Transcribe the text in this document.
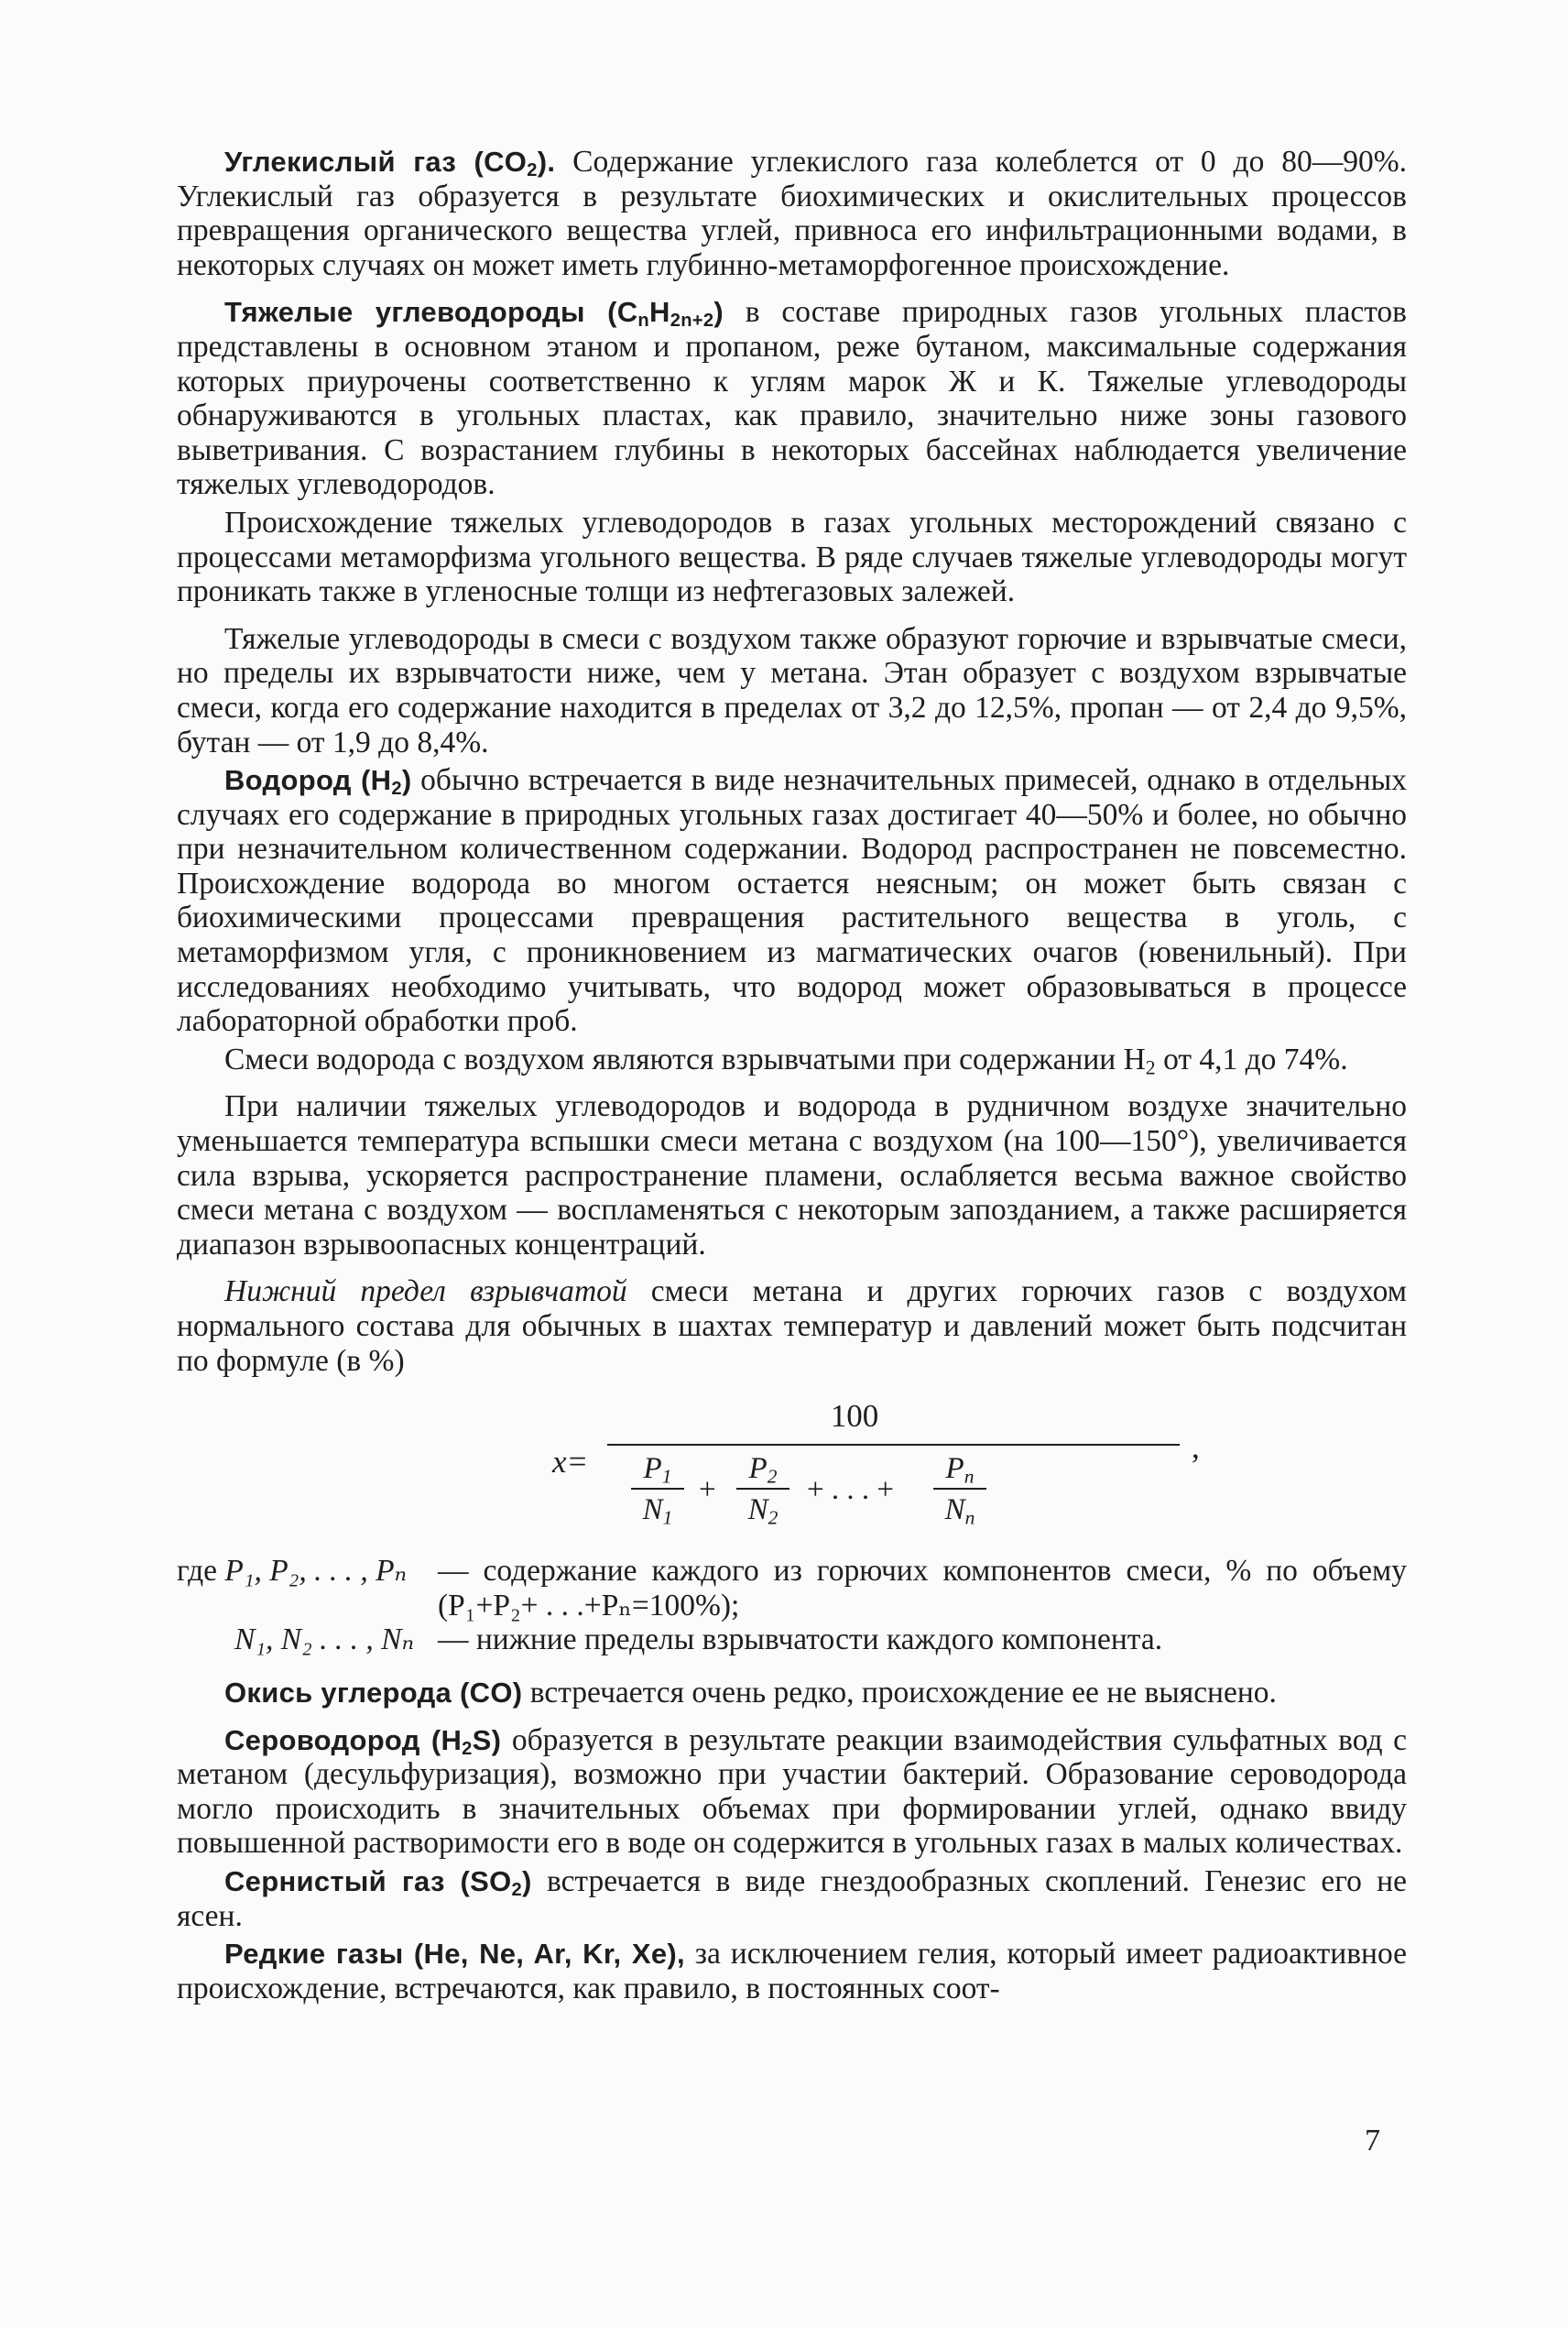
Углекислый газ $(CO_2)$. Содержание углекислого газа колеблется от 0 до 80—90%. Углекислый газ образуется в результате биохимических и окислительных процессов превращения органического вещества углей, привноса его инфильтрационными водами, в некоторых случаях он может иметь глубинно-метаморфогенное происхождение.

Тяжелые углеводороды $(C_nH_{2n+2})$ в составе природных газов угольных пластов представлены в основном этаном и пропаном, реже бутаном, максимальные содержания которых приурочены соответственно к углям марок Ж и К. Тяжелые углеводороды обнаруживаются в угольных пластах, как правило, значительно ниже зоны газового выветривания. С возрастанием глубины в некоторых бассейнах наблюдается увеличение тяжелых углеводородов.

Происхождение тяжелых углеводородов в газах угольных месторождений связано с процессами метаморфизма угольного вещества. В ряде случаев тяжелые углеводороды могут проникать также в угленосные толщи из нефтегазовых залежей.

Тяжелые углеводороды в смеси с воздухом также образуют горючие и взрывчатые смеси, но пределы их взрывчатости ниже, чем у метана. Этан образует с воздухом взрывчатые смеси, когда его содержание находится в пределах от 3,2 до 12,5%, пропан — от 2,4 до 9,5%, бутан — от 1,9 до 8,4%.

Водород $(H_2)$ обычно встречается в виде незначительных примесей, однако в отдельных случаях его содержание в природных угольных газах достигает 40—50% и более, но обычно при незначительном количественном содержании. Водород распространен не повсеместно. Происхождение водорода во многом остается неясным; он может быть связан с биохимическими процессами превращения растительного вещества в уголь, с метаморфизмом угля, с проникновением из магматических очагов (ювенильный). При исследованиях необходимо учитывать, что водород может образовываться в процессе лабораторной обработки проб.

Смеси водорода с воздухом являются взрывчатыми при содержании $H_2$ от 4,1 до 74%.

При наличии тяжелых углеводородов и водорода в рудничном воздухе значительно уменьшается температура вспышки смеси метана с воздухом (на 100—150°), увеличивается сила взрыва, ускоряется распространение пламени, ослабляется весьма важное свойство смеси метана с воздухом — воспламеняться с некоторым запозданием, а также расширяется диапазон взрывоопасных концентраций.

Нижний предел взрывчатой смеси метана и других горючих газов с воздухом нормального состава для обычных в шахтах температур и давлений может быть подсчитан по формуле (в %)

x=
100
,
$P_1$
$N_1$
+
$P_2$
$N_2$
+ . . . +
$P_n$
$N_n$
где P₁, P₂, . . . , Pₙ	— содержание каждого из горючих компонентов смеси, % по объему (P₁+P₂+ . . .+Pₙ=100%);
N₁, N₂ . . . , Nₙ — нижние пределы взрывчатости каждого компонента.

Окись углерода (CO) встречается очень редко, происхождение ее не выяснено.

Сероводород $(H_2S)$ образуется в результате реакции взаимодействия сульфатных вод с метаном (десульфуризация), возможно при участии бактерий. Образование сероводорода могло происходить в значительных объемах при формировании углей, однако ввиду повышенной растворимости его в воде он содержится в угольных газах в малых количествах.

Сернистый газ $(SO_2)$ встречается в виде гнездообразных скоплений. Генезис его не ясен.

Редкие газы (He, Ne, Ar, Kr, Xe), за исключением гелия, который имеет радиоактивное происхождение, встречаются, как правило, в постоянных соот-

7
